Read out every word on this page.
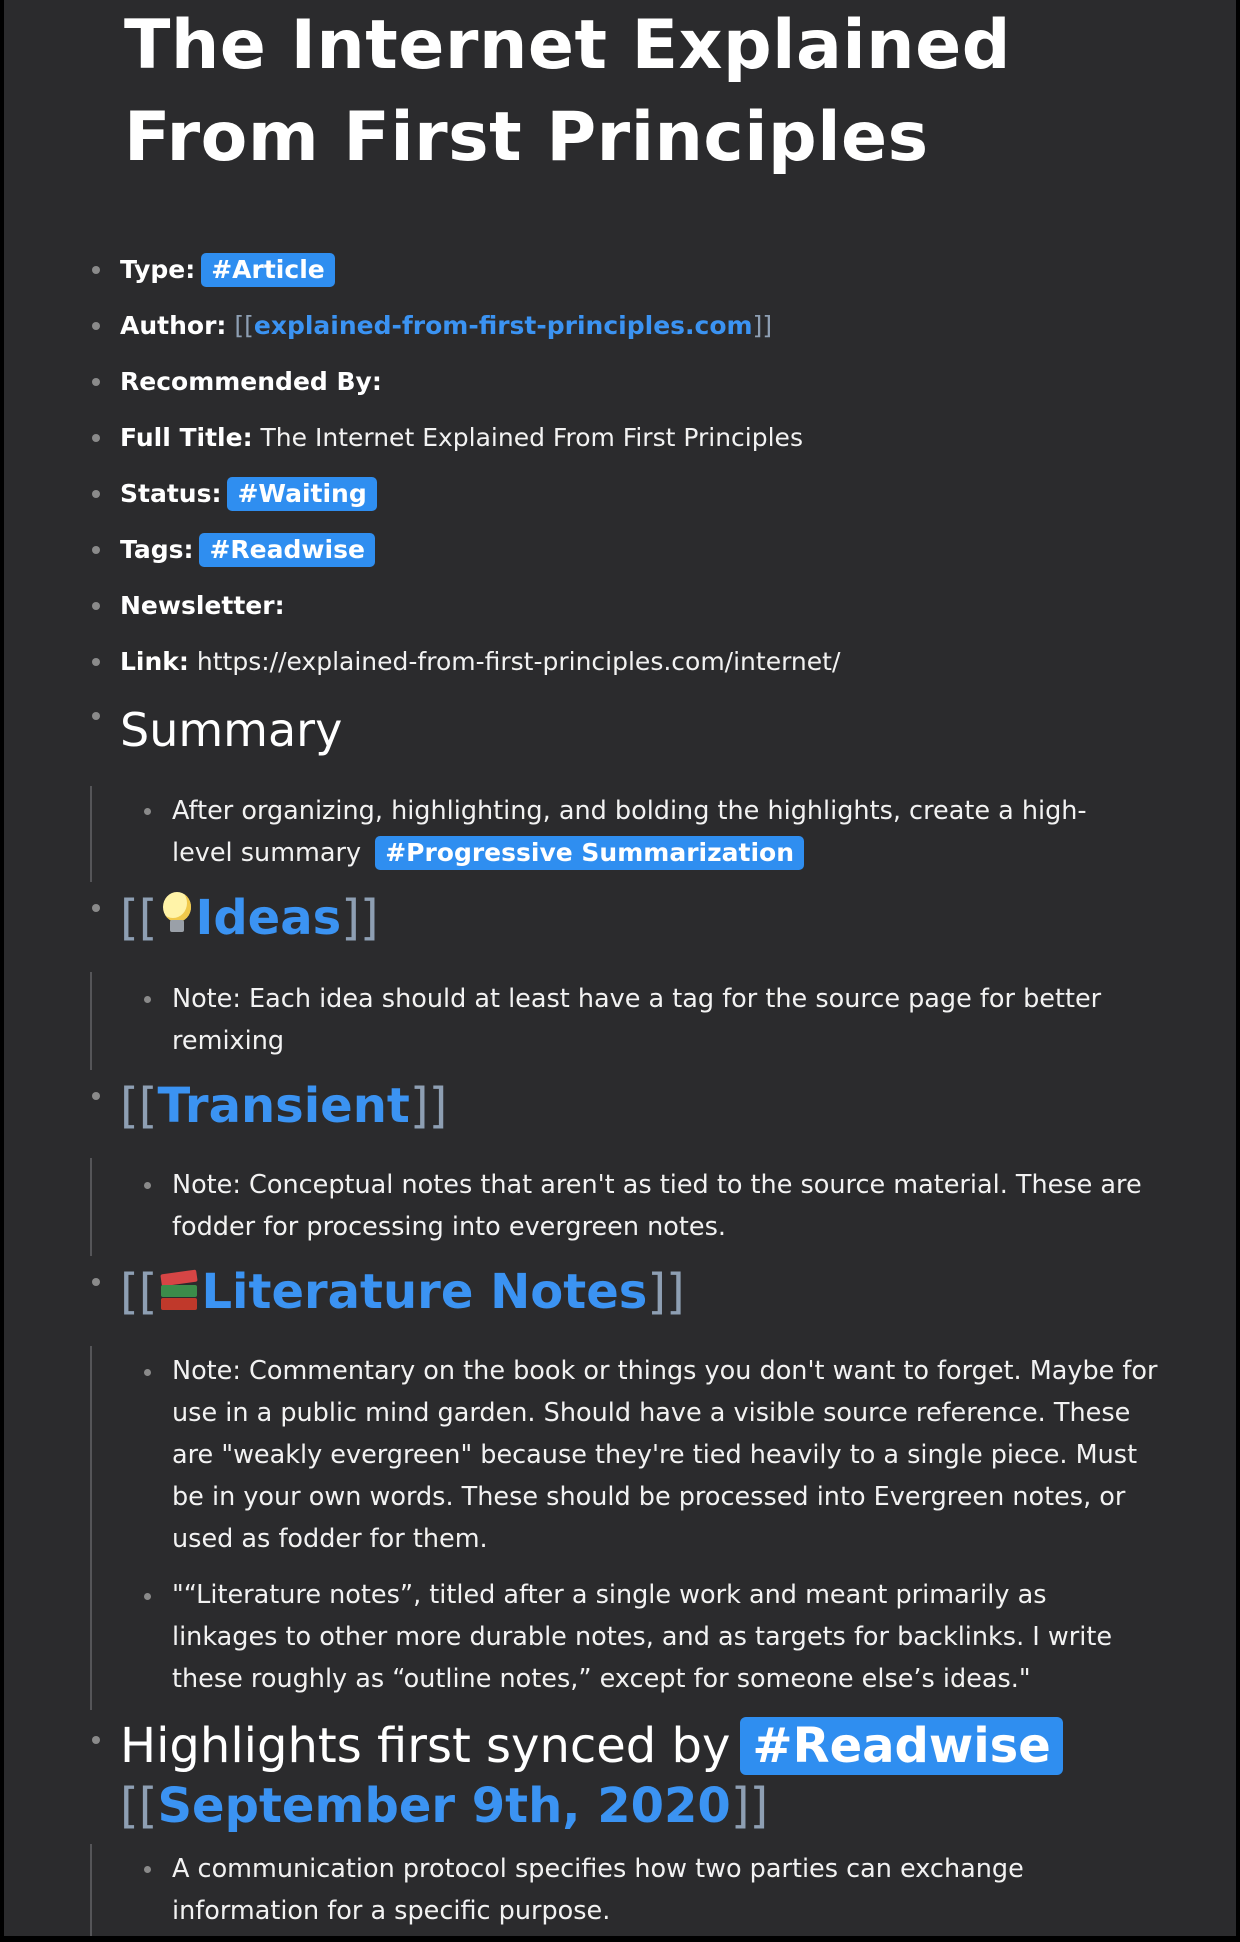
The Internet Explained From First Principles
Type: #Article
Author: [[explained-from-first-principles.com]]
Recommended By:
Full Title: The Internet Explained From First Principles
Status: #Waiting
Tags: #Readwise
Newsletter:
Link: https://explained-from-first-principles.com/internet/
Summary
After organizing, highlighting, and bolding the highlights, create a high-level summary #Progressive Summarization
[[ Ideas]]
Note: Each idea should at least have a tag for the source page for better remixing
[[Transient]]
Note: Conceptual notes that aren't as tied to the source material. These are fodder for processing into evergreen notes.
[[ Literature Notes]]
Note: Commentary on the book or things you don't want to forget. Maybe for use in a public mind garden. Should have a visible source reference. These are "weakly evergreen" because they're tied heavily to a single piece. Must be in your own words. These should be processed into Evergreen notes, or used as fodder for them.
"“Literature notes”, titled after a single work and meant primarily as linkages to other more durable notes, and as targets for backlinks. I write these roughly as “outline notes,” except for someone else’s ideas."
Highlights first synced by #Readwise
[[September 9th, 2020]]
A communication protocol specifies how two parties can exchange information for a specific purpose.
